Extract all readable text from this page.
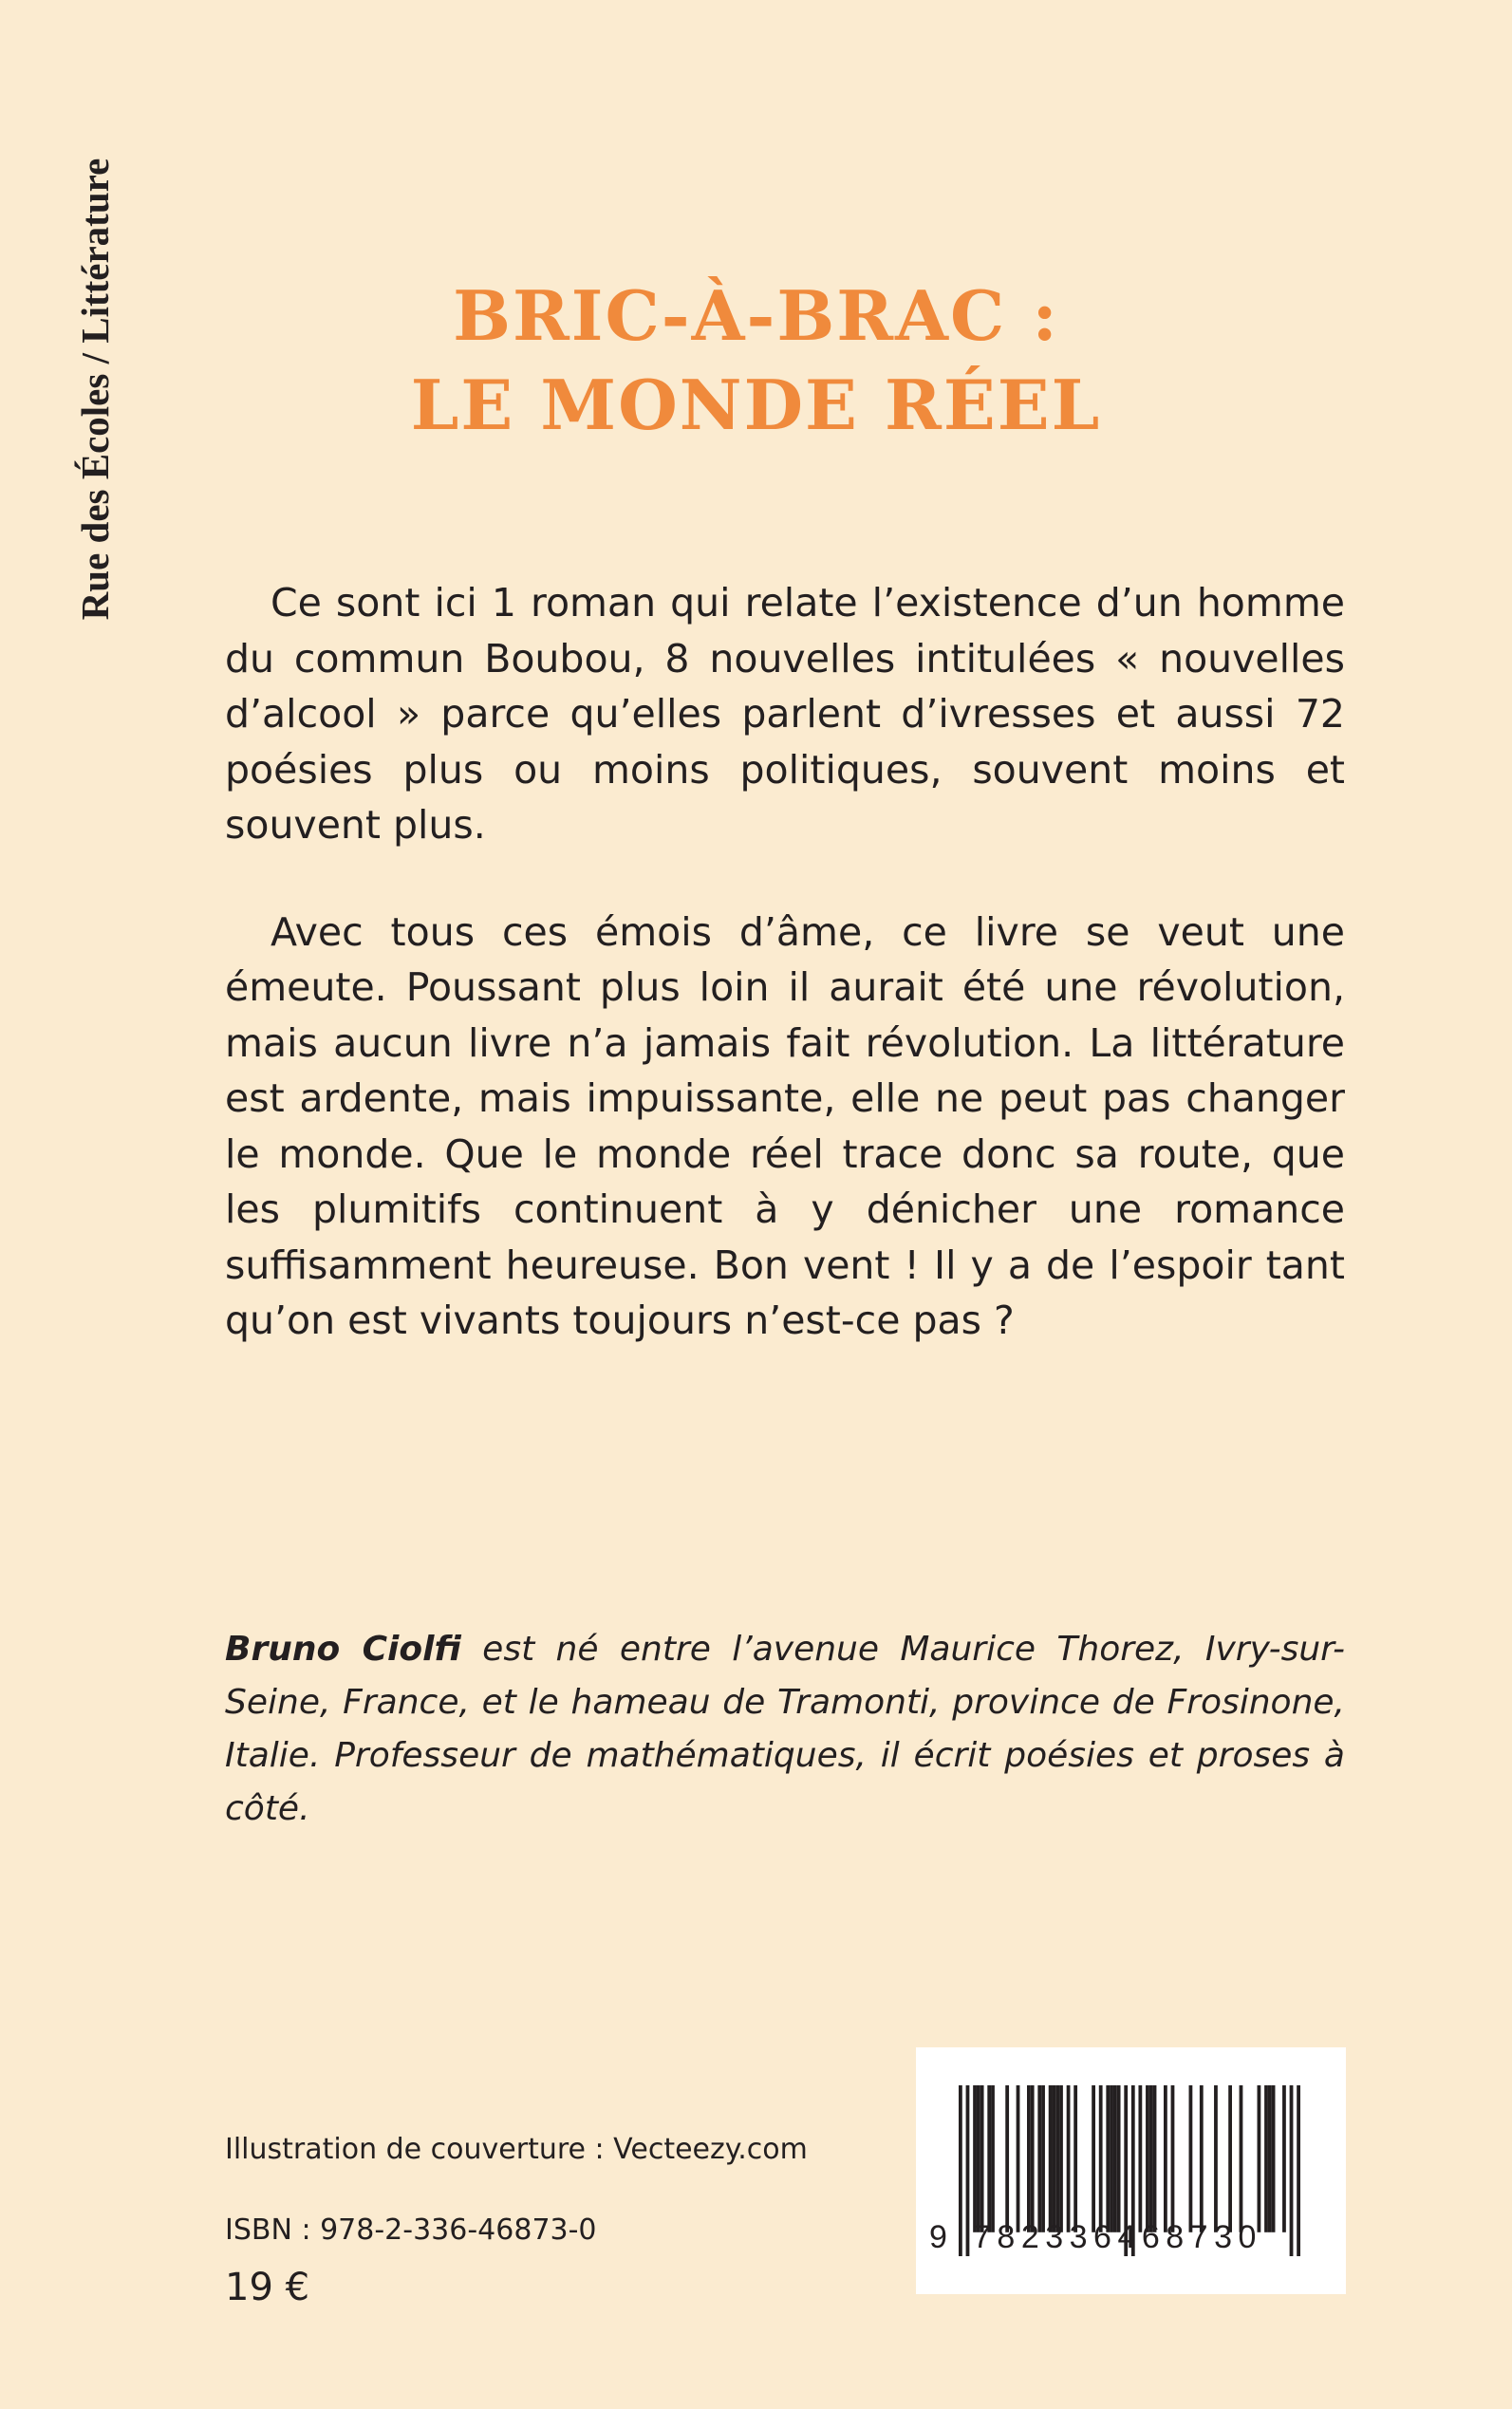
Rue des Écoles / Littérature	BRIC-À-BRAC :
LE MONDE RÉEL

Ce sont ici 1 roman qui relate l’existence d’un homme du commun Boubou, 8 nouvelles intitulées « nouvelles d’alcool » parce qu’elles parlent d’ivresses et aussi 72 poésies plus ou moins politiques, souvent moins et souvent plus.

Avec tous ces émois d’âme, ce livre se veut une émeute. Poussant plus loin il aurait été une révolution, mais aucun livre n’a jamais fait révolution. La littérature est ardente, mais impuissante, elle ne peut pas changer le monde. Que le monde réel trace donc sa route, que les plumitifs continuent à y dénicher une romance suffisamment heureuse. Bon vent ! Il y a de l’espoir tant qu’on est vivants toujours n’est-ce pas ?

Bruno Ciolfi est né entre l’avenue Maurice Thorez, Ivry-sur-Seine, France, et le hameau de Tramonti, province de Frosinone, Italie. Professeur de mathématiques, il écrit poésies et proses à côté.

Illustration de couverture : Vecteezy.com

ISBN : 978-2-336-46873-0

19 €

9 782336468730
